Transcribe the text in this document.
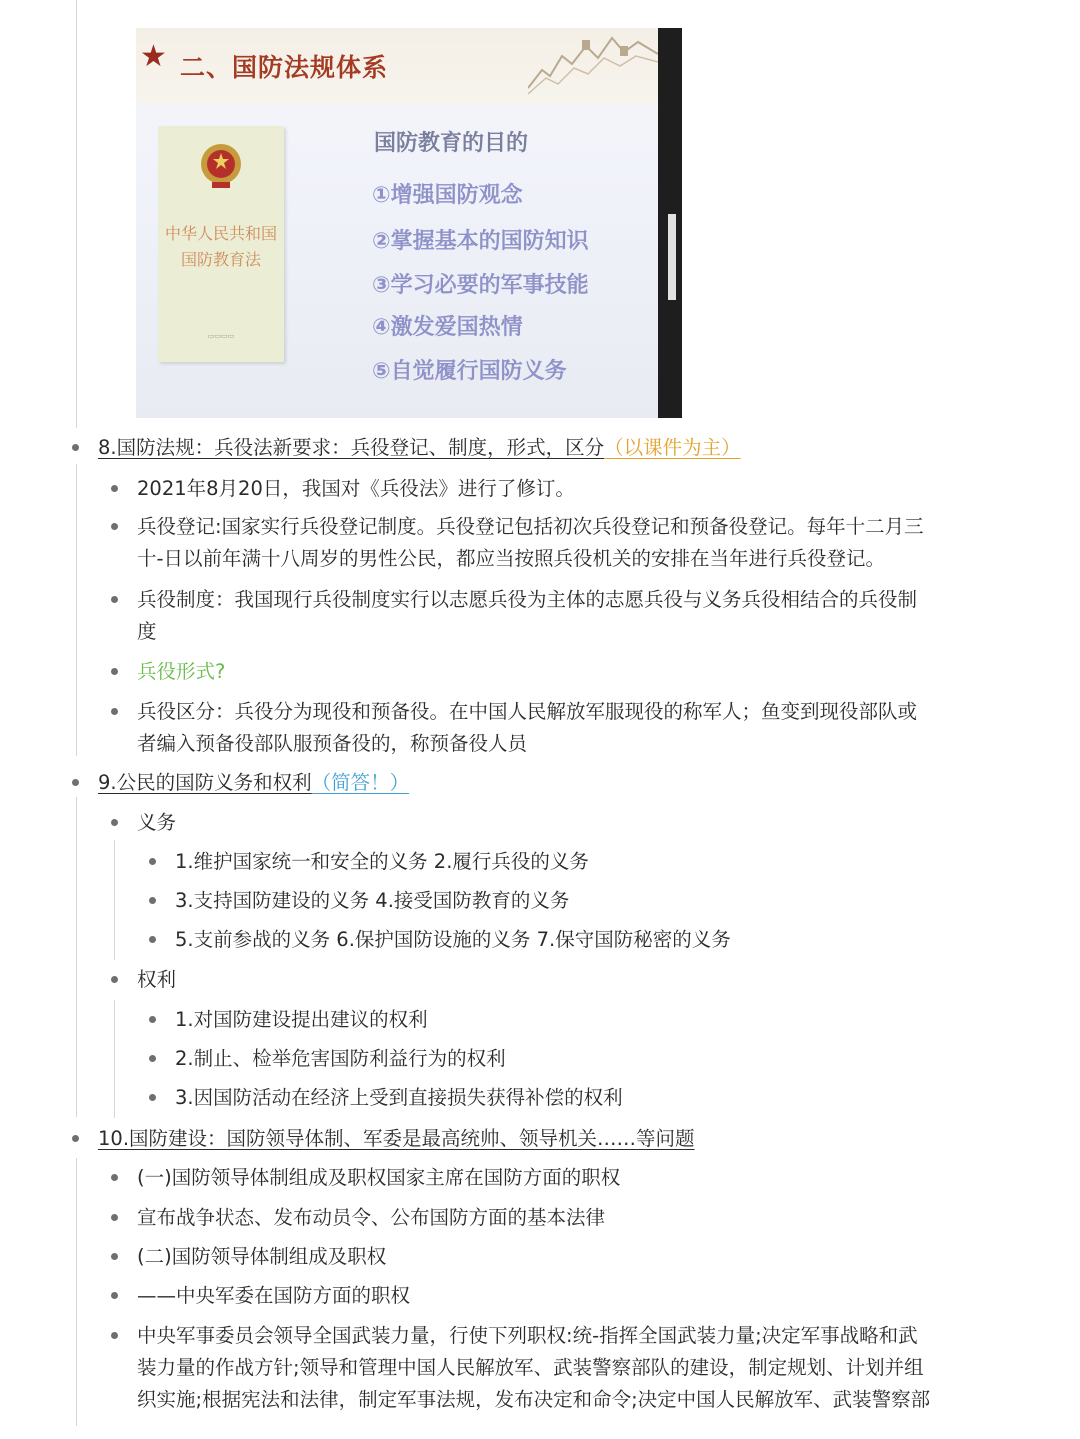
★ 二、国防法规体系
中华人民共和国
国防教育法
▭▭▭▭
国防教育的目的
①增强国防观念
②掌握基本的国防知识
③学习必要的军事技能
④激发爱国热情
⑤自觉履行国防义务
8.国防法规：兵役法新要求：兵役登记、制度，形式，区分（以课件为主）
2021年8月20日，我国对《兵役法》进行了修订。
兵役登记:国家实行兵役登记制度。兵役登记包括初次兵役登记和预备役登记。每年十二月三
十-日以前年满十八周岁的男性公民，都应当按照兵役机关的安排在当年进行兵役登记。
兵役制度：我国现行兵役制度实行以志愿兵役为主体的志愿兵役与义务兵役相结合的兵役制
度
兵役形式?
兵役区分：兵役分为现役和预备役。在中国人民解放军服现役的称军人；鱼变到现役部队或
者编入预备役部队服预备役的，称预备役人员
9.公民的国防义务和权利（简答！）
义务
1.维护国家统一和安全的义务 2.履行兵役的义务
3.支持国防建设的义务 4.接受国防教育的义务
5.支前参战的义务 6.保护国防设施的义务 7.保守国防秘密的义务
权利
1.对国防建设提出建议的权利
2.制止、检举危害国防利益行为的权利
3.因国防活动在经济上受到直接损失获得补偿的权利
10.国防建设：国防领导体制、军委是最高统帅、领导机关……等问题
(一)国防领导体制组成及职权国家主席在国防方面的职权
宣布战争状态、发布动员令、公布国防方面的基本法律
(二)国防领导体制组成及职权
——中央军委在国防方面的职权
中央军事委员会领导全国武装力量，行使下列职权:统-指挥全国武装力量;决定军事战略和武
装力量的作战方针;领导和管理中国人民解放军、武装警察部队的建设，制定规划、计划并组
织实施;根据宪法和法律，制定军事法规，发布决定和命令;决定中国人民解放军、武装警察部
